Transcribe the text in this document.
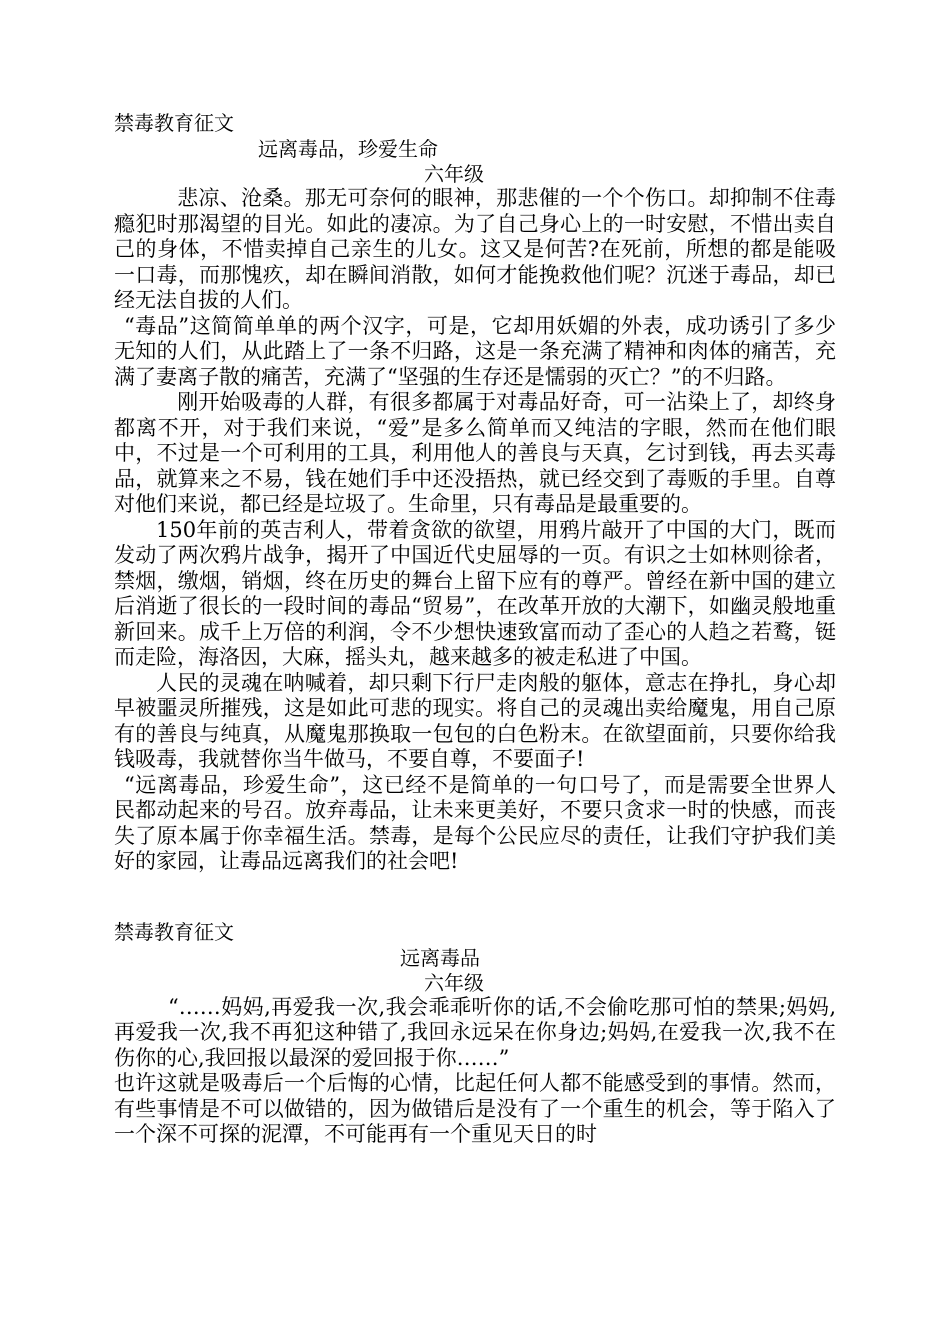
禁毒教育征文
远离毒品，珍爱生命
六年级

　悲凉、沧桑。那无可奈何的眼神，那悲催的一个个伤口。却抑制不住毒瘾犯时那渴望的目光。如此的凄凉。为了自己身心上的一时安慰，不惜出卖自己的身体，不惜卖掉自己亲生的儿女。这又是何苦?在死前，所想的都是能吸一口毒，而那愧疚，却在瞬间消散，如何才能挽救他们呢？沉迷于毒品，却已经无法自拔的人们。

“毒品”这简简单单的两个汉字，可是，它却用妖媚的外表，成功诱引了多少无知的人们，从此踏上了一条不归路，这是一条充满了精神和肉体的痛苦，充满了妻离子散的痛苦，充满了“坚强的生存还是懦弱的灭亡？”的不归路。

　刚开始吸毒的人群，有很多都属于对毒品好奇，可一沾染上了，却终身都离不开，对于我们来说，“爱”是多么简单而又纯洁的字眼，然而在他们眼中，不过是一个可利用的工具，利用他人的善良与天真，乞讨到钱，再去买毒品，就算来之不易，钱在她们手中还没捂热，就已经交到了毒贩的手里。自尊对他们来说，都已经是垃圾了。生命里，只有毒品是最重要的。

150年前的英吉利人，带着贪欲的欲望，用鸦片敲开了中国的大门，既而发动了两次鸦片战争，揭开了中国近代史屈辱的一页。有识之士如林则徐者，禁烟，缴烟，销烟，终在历史的舞台上留下应有的尊严。曾经在新中国的建立后消逝了很长的一段时间的毒品“贸易”，在改革开放的大潮下，如幽灵般地重新回来。成千上万倍的利润，令不少想快速致富而动了歪心的人趋之若鹜，铤而走险，海洛因，大麻，摇头丸，越来越多的被走私进了中国。

人民的灵魂在呐喊着，却只剩下行尸走肉般的躯体，意志在挣扎，身心却早被噩灵所摧残，这是如此可悲的现实。将自己的灵魂出卖给魔鬼，用自己原有的善良与纯真，从魔鬼那换取一包包的白色粉末。在欲望面前，只要你给我钱吸毒，我就替你当牛做马，不要自尊，不要面子!

“远离毒品，珍爱生命”，这已经不是简单的一句口号了，而是需要全世界人民都动起来的号召。放弃毒品，让未来更美好，不要只贪求一时的快感，而丧失了原本属于你幸福生活。禁毒，是每个公民应尽的责任，让我们守护我们美好的家园，让毒品远离我们的社会吧!

禁毒教育征文
远离毒品
六年级

“……妈妈,再爱我一次,我会乖乖听你的话,不会偷吃那可怕的禁果;妈妈,再爱我一次,我不再犯这种错了,我回永远呆在你身边;妈妈,在爱我一次,我不在伤你的心,我回报以最深的爱回报于你……”

也许这就是吸毒后一个后悔的心情，比起任何人都不能感受到的事情。然而，有些事情是不可以做错的，因为做错后是没有了一个重生的机会，等于陷入了一个深不可探的泥潭，不可能再有一个重见天日的时
